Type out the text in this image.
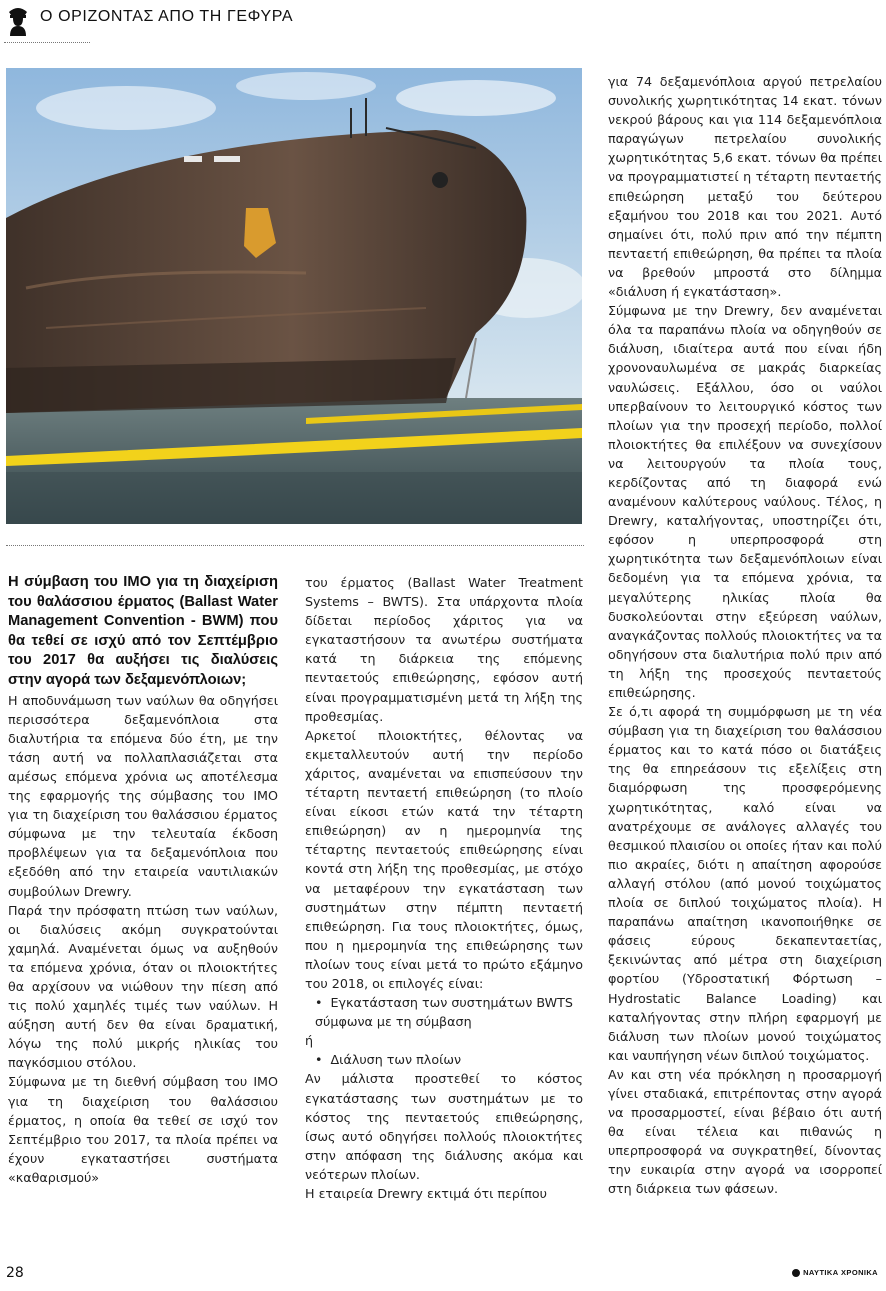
Ο ΟΡΙΖΟΝΤΑΣ ΑΠΟ ΤΗ ΓΕΦΥΡΑ

Η σύμβαση του IMO για τη διαχείριση του θαλάσσιου έρματος (Ballast Water Management Convention - BWM) που θα τεθεί σε ισχύ από τον Σεπτέμβριο του 2017 θα αυξήσει τις διαλύσεις στην αγορά των δεξαμενόπλοιων;

Η αποδυνάμωση των ναύλων θα οδηγήσει περισσότερα δεξαμενόπλοια στα διαλυτήρια τα επόμενα δύο έτη, με την τάση αυτή να πολλαπλασιάζεται στα αμέσως επόμενα χρόνια ως αποτέλεσμα της εφαρμογής της σύμβασης του IMO για τη διαχείριση του θαλάσσιου έρματος σύμφωνα με την τελευταία έκδοση προβλέψεων για τα δεξαμενόπλοια που εξεδόθη από την εταιρεία ναυτιλιακών συμβούλων Drewry.

Παρά την πρόσφατη πτώση των ναύλων, οι διαλύσεις ακόμη συγκρατούνται χαμηλά. Αναμένεται όμως να αυξηθούν τα επόμενα χρόνια, όταν οι πλοιοκτήτες θα αρχίσουν να νιώθουν την πίεση από τις πολύ χαμηλές τιμές των ναύλων. Η αύξηση αυτή δεν θα είναι δραματική, λόγω της πολύ μικρής ηλικίας του παγκόσμιου στόλου.

Σύμφωνα με τη διεθνή σύμβαση του IMO για τη διαχείριση του θαλάσσιου έρματος, η οποία θα τεθεί σε ισχύ τον Σεπτέμβριο του 2017, τα πλοία πρέπει να έχουν εγκαταστήσει συστήματα «καθαρισμού»

του έρματος (Ballast Water Treatment Systems – BWTS). Στα υπάρχοντα πλοία δίδεται περίοδος χάριτος για να εγκαταστήσουν τα ανωτέρω συστήματα κατά τη διάρκεια της επόμενης πενταετούς επιθεώρησης, εφόσον αυτή είναι προγραμματισμένη μετά τη λήξη της προθεσμίας.

Αρκετοί πλοιοκτήτες, θέλοντας να εκμεταλλευτούν αυτή την περίοδο χάριτος, αναμένεται να επισπεύσουν την τέταρτη πενταετή επιθεώρηση (το πλοίο είναι είκοσι ετών κατά την τέταρτη επιθεώρηση) αν η ημερομηνία της τέταρτης πενταετούς επιθεώρησης είναι κοντά στη λήξη της προθεσμίας, με στόχο να μεταφέρουν την εγκατάσταση των συστημάτων στην πέμπτη πενταετή επιθεώρηση. Για τους πλοιοκτήτες, όμως, που η ημερομηνία της επιθεώρησης των πλοίων τους είναι μετά το πρώτο εξάμηνο του 2018, οι επιλογές είναι:

• Εγκατάσταση των συστημάτων BWTS σύμφωνα με τη σύμβαση

ή

• Διάλυση των πλοίων

Αν μάλιστα προστεθεί το κόστος εγκατάστασης των συστημάτων με το κόστος της πενταετούς επιθεώρησης, ίσως αυτό οδηγήσει πολλούς πλοιοκτήτες στην απόφαση της διάλυσης ακόμα και νεότερων πλοίων.

Η εταιρεία Drewry εκτιμά ότι περίπου

για 74 δεξαμενόπλοια αργού πετρελαίου συνολικής χωρητικότητας 14 εκατ. τόνων νεκρού βάρους και για 114 δεξαμενόπλοια παραγώγων πετρελαίου συνολικής χωρητικότητας 5,6 εκατ. τόνων θα πρέπει να προγραμματιστεί η τέταρτη πενταετής επιθεώρηση μεταξύ του δεύτερου εξαμήνου του 2018 και του 2021. Αυτό σημαίνει ότι, πολύ πριν από την πέμπτη πενταετή επιθεώρηση, θα πρέπει τα πλοία να βρεθούν μπροστά στο δίλημμα «διάλυση ή εγκατάσταση».

Σύμφωνα με την Drewry, δεν αναμένεται όλα τα παραπάνω πλοία να οδηγηθούν σε διάλυση, ιδιαίτερα αυτά που είναι ήδη χρονοναυλωμένα σε μακράς διαρκείας ναυλώσεις. Εξάλλου, όσο οι ναύλοι υπερβαίνουν το λειτουργικό κόστος των πλοίων για την προσεχή περίοδο, πολλοί πλοιοκτήτες θα επιλέξουν να συνεχίσουν να λειτουργούν τα πλοία τους, κερδίζοντας από τη διαφορά ενώ αναμένουν καλύτερους ναύλους. Τέλος, η Drewry, καταλήγοντας, υποστηρίζει ότι, εφόσον η υπερπροσφορά στη χωρητικότητα των δεξαμενόπλοιων είναι δεδομένη για τα επόμενα χρόνια, τα μεγαλύτερης ηλικίας πλοία θα δυσκολεύονται στην εξεύρεση ναύλων, αναγκάζοντας πολλούς πλοιοκτήτες να τα οδηγήσουν στα διαλυτήρια πολύ πριν από τη λήξη της προσεχούς πενταετούς επιθεώρησης.

Σε ό,τι αφορά τη συμμόρφωση με τη νέα σύμβαση για τη διαχείριση του θαλάσσιου έρματος και το κατά πόσο οι διατάξεις της θα επηρεάσουν τις εξελίξεις στη διαμόρφωση της προσφερόμενης χωρητικότητας, καλό είναι να ανατρέχουμε σε ανάλογες αλλαγές του θεσμικού πλαισίου οι οποίες ήταν και πολύ πιο ακραίες, διότι η απαίτηση αφορούσε αλλαγή στόλου (από μονού τοιχώματος πλοία σε διπλού τοιχώματος πλοία). Η παραπάνω απαίτηση ικανοποιήθηκε σε φάσεις εύρους δεκαπενταετίας, ξεκινώντας από μέτρα στη διαχείριση φορτίου (Υδροστατική Φόρτωση – Hydrostatic Balance Loading) και καταλήγοντας στην πλήρη εφαρμογή με διάλυση των πλοίων μονού τοιχώματος και ναυπήγηση νέων διπλού τοιχώματος.

Αν και στη νέα πρόκληση η προσαρμογή γίνει σταδιακά, επιτρέποντας στην αγορά να προσαρμοστεί, είναι βέβαιο ότι αυτή θα είναι τέλεια και πιθανώς η υπερπροσφορά να συγκρατηθεί, δίνοντας την ευκαιρία στην αγορά να ισορροπεί στη διάρκεια των φάσεων.

28	ΝΑΥΤΙΚΑ ΧΡΟΝΙΚΑ
